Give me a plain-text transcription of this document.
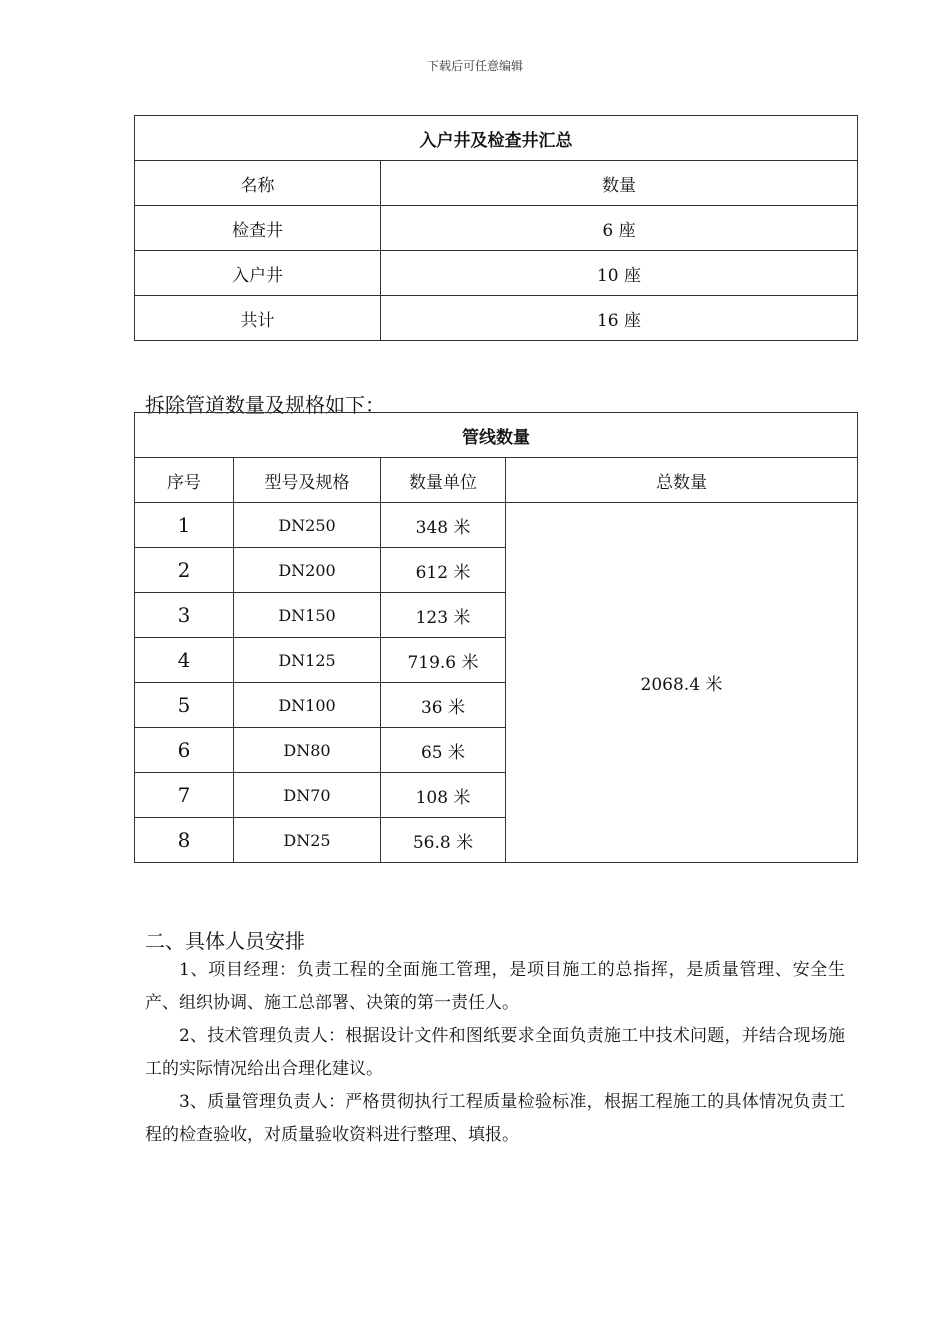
下载后可任意编辑
入户井及检查井汇总	
名称	数量
检查井	6 座
入户井	10 座
共计	16 座
拆除管道数量及规格如下：
管线数量			
序号	型号及规格	数量单位	总数量
1	DN250	348 米	2068.4 米
2	DN200	612 米	
3	DN150	123 米	
4	DN125	719.6 米	
5	DN100	36 米	
6	DN80	65 米	
7	DN70	108 米	
8	DN25	56.8 米	
二、具体人员安排

1、项目经理：负责工程的全面施工管理，是项目施工的总指挥，是质量管理、安全生产、组织协调、施工总部署、决策的第一责任人。

2、技术管理负责人：根据设计文件和图纸要求全面负责施工中技术问题，并结合现场施工的实际情况给出合理化建议。

3、质量管理负责人：严格贯彻执行工程质量检验标准，根据工程施工的具体情况负责工程的检查验收，对质量验收资料进行整理、填报。
